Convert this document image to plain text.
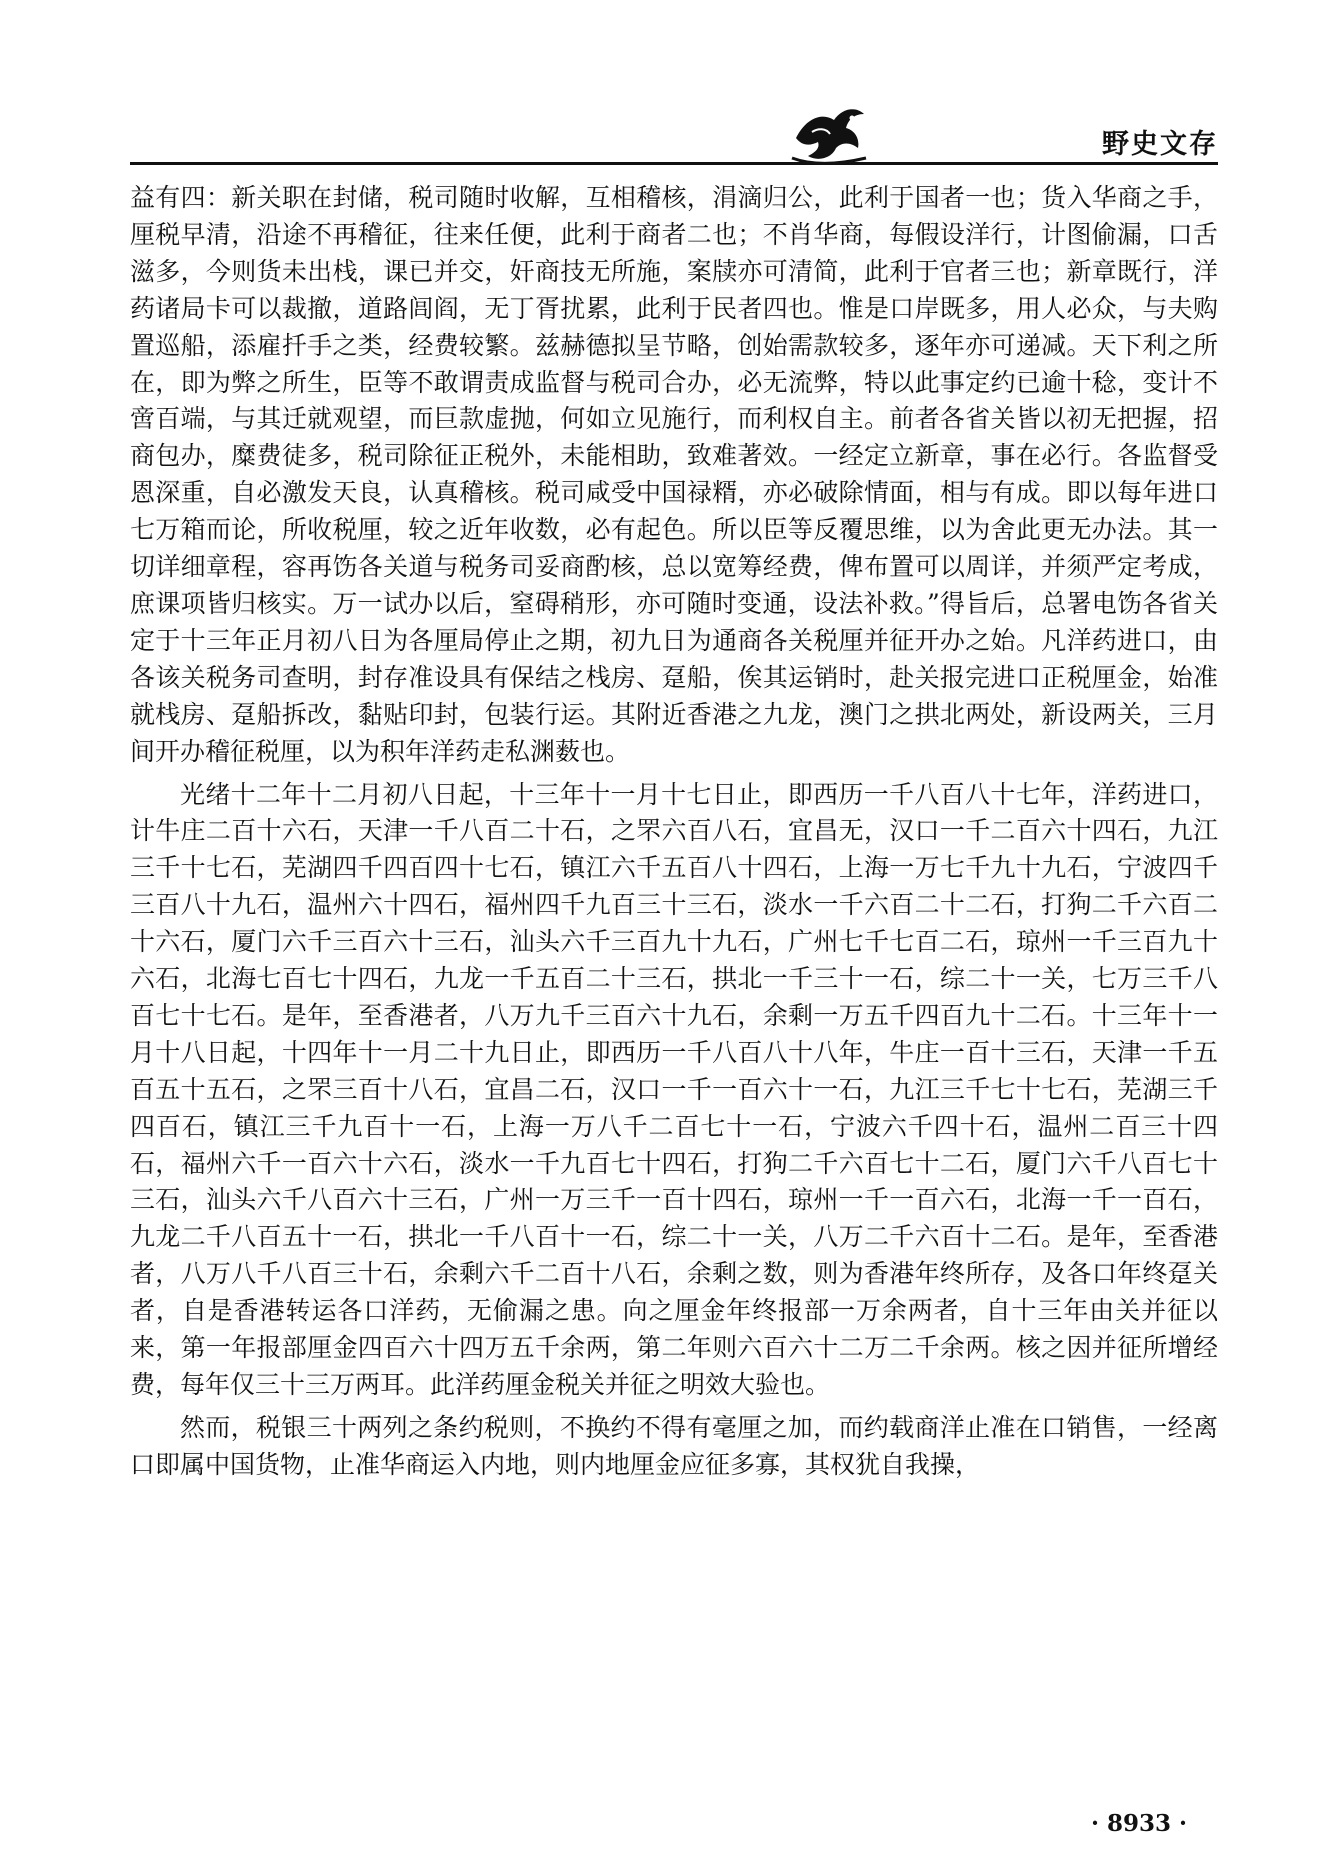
野史文存

益有四：新关职在封储，税司随时收解，互相稽核，涓滴归公，此利于国者一也；货入华商之手，厘税早清，沿途不再稽征，往来任便，此利于商者二也；不肖华商，每假设洋行，计图偷漏，口舌滋多，今则货未出栈，课已并交，奸商技无所施，案牍亦可清简，此利于官者三也；新章既行，洋药诸局卡可以裁撤，道路闾阎，无丁胥扰累，此利于民者四也。惟是口岸既多，用人必众，与夫购置巡船，添雇扦手之类，经费较繁。兹赫德拟呈节略，创始需款较多，逐年亦可递减。天下利之所在，即为弊之所生，臣等不敢谓责成监督与税司合办，必无流弊，特以此事定约已逾十稔，变计不啻百端，与其迁就观望，而巨款虚抛，何如立见施行，而利权自主。前者各省关皆以初无把握，招商包办，糜费徒多，税司除征正税外，未能相助，致难著效。一经定立新章，事在必行。各监督受恩深重，自必激发天良，认真稽核。税司咸受中国禄糈，亦必破除情面，相与有成。即以每年进口七万箱而论，所收税厘，较之近年收数，必有起色。所以臣等反覆思维，以为舍此更无办法。其一切详细章程，容再饬各关道与税务司妥商酌核，总以宽筹经费，俾布置可以周详，并须严定考成，庶课项皆归核实。万一试办以后，窒碍稍形，亦可随时变通，设法补救。”得旨后，总署电饬各省关定于十三年正月初八日为各厘局停止之期，初九日为通商各关税厘并征开办之始。凡洋药进口，由各该关税务司查明，封存准设具有保结之栈房、趸船，俟其运销时，赴关报完进口正税厘金，始准就栈房、趸船拆改，黏贴印封，包装行运。其附近香港之九龙，澳门之拱北两处，新设两关，三月间开办稽征税厘，以为积年洋药走私渊薮也。

光绪十二年十二月初八日起，十三年十一月十七日止，即西历一千八百八十七年，洋药进口，计牛庄二百十六石，天津一千八百二十石，之罘六百八石，宜昌无，汉口一千二百六十四石，九江三千十七石，芜湖四千四百四十七石，镇江六千五百八十四石，上海一万七千九十九石，宁波四千三百八十九石，温州六十四石，福州四千九百三十三石，淡水一千六百二十二石，打狗二千六百二十六石，厦门六千三百六十三石，汕头六千三百九十九石，广州七千七百二石，琼州一千三百九十六石，北海七百七十四石，九龙一千五百二十三石，拱北一千三十一石，综二十一关，七万三千八百七十七石。是年，至香港者，八万九千三百六十九石，余剩一万五千四百九十二石。十三年十一月十八日起，十四年十一月二十九日止，即西历一千八百八十八年，牛庄一百十三石，天津一千五百五十五石，之罘三百十八石，宜昌二石，汉口一千一百六十一石，九江三千七十七石，芜湖三千四百石，镇江三千九百十一石，上海一万八千二百七十一石，宁波六千四十石，温州二百三十四石，福州六千一百六十六石，淡水一千九百七十四石，打狗二千六百七十二石，厦门六千八百七十三石，汕头六千八百六十三石，广州一万三千一百十四石，琼州一千一百六石，北海一千一百石，九龙二千八百五十一石，拱北一千八百十一石，综二十一关，八万二千六百十二石。是年，至香港者，八万八千八百三十石，余剩六千二百十八石，余剩之数，则为香港年终所存，及各口年终趸关者，自是香港转运各口洋药，无偷漏之患。向之厘金年终报部一万余两者，自十三年由关并征以来，第一年报部厘金四百六十四万五千余两，第二年则六百六十二万二千余两。核之因并征所增经费，每年仅三十三万两耳。此洋药厘金税关并征之明效大验也。

然而，税银三十两列之条约税则，不换约不得有毫厘之加，而约载商洋止准在口销售，一经离口即属中国货物，止准华商运入内地，则内地厘金应征多寡，其权犹自我操，

· 8933 ·
